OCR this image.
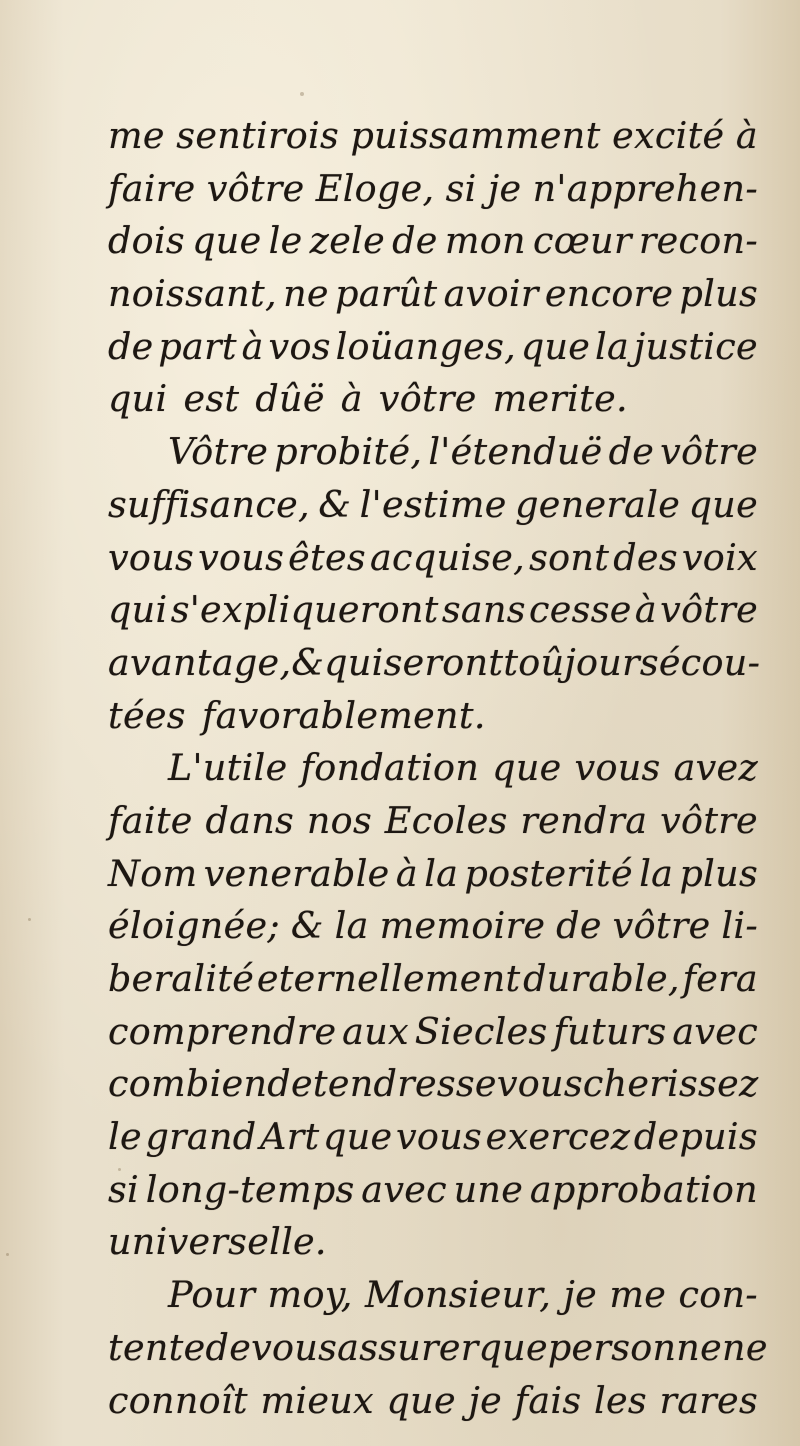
me sentirois puissamment excité à
faire vôtre Eloge, si je n'apprehen-
dois que le zele de mon cœur recon-
noissant, ne parût avoir encore plus
de part à vos loüanges, que la justice
qui est dûë à vôtre merite.
Vôtre probité, l'étenduë de vôtre
suffisance, & l'estime generale que
vous vous êtes acquise, sont des voix
qui s'expliqueront sans cesse à vôtre
avantage, & qui seront toûjours écou-
tées favorablement.
L'utile fondation que vous avez
faite dans nos Ecoles rendra vôtre
Nom venerable à la posterité la plus
éloignée; & la memoire de vôtre li-
beralité eternellement durable, fera
comprendre aux Siecles futurs avec
combien de tendresse vous cherissez
le grand Art que vous exercez depuis
si long-temps avec une approbation
universelle.
Pour moy, Monsieur, je me con-
tente de vous assurer que personne ne
connoît mieux que je fais les rares
